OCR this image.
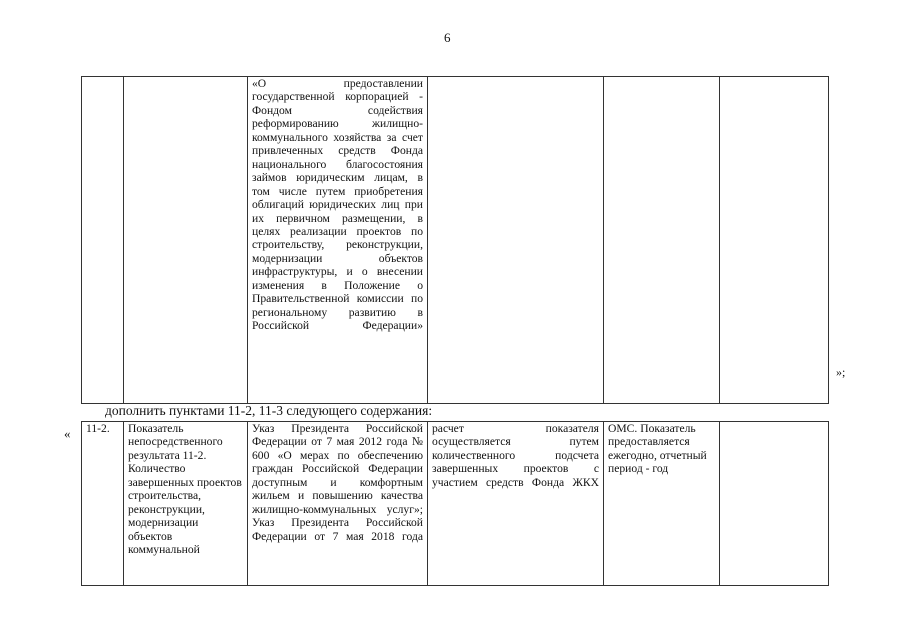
6
		«О предоставлении государственной корпорацией - Фондом содействия реформированию жилищно-коммунального хозяйства за счет привлеченных средств Фонда национального благосостояния займов юридическим лицам, в том числе путем приобретения облигаций юридических лиц при их первичном размещении, в целях реализации проектов по строительству, реконструкции, модернизации объектов инфраструктуры, и о внесении изменения в Положение о Правительственной комиссии по региональному развитию в Российской Федерации»			
»;
дополнить пунктами 11-2, 11-3 следующего содержания:
« 11-2.	Показатель непосредственного результата 11-2. Количество завершенных проектов строительства, реконструкции, модернизации объектов коммунальной	Указ Президента Российской Федерации от 7 мая 2012 года № 600 «О мерах по обеспечению граждан Российской Федерации доступным и комфортным жильем и повышению качества жилищно-коммунальных услуг»; Указ Президента Российской Федерации от 7 мая 2018 года	расчет показателя осуществляется путем количественного подсчета завершенных проектов с участием средств Фонда ЖКХ	ОМС. Показатель предоставляется ежегодно, отчетный период - год	
